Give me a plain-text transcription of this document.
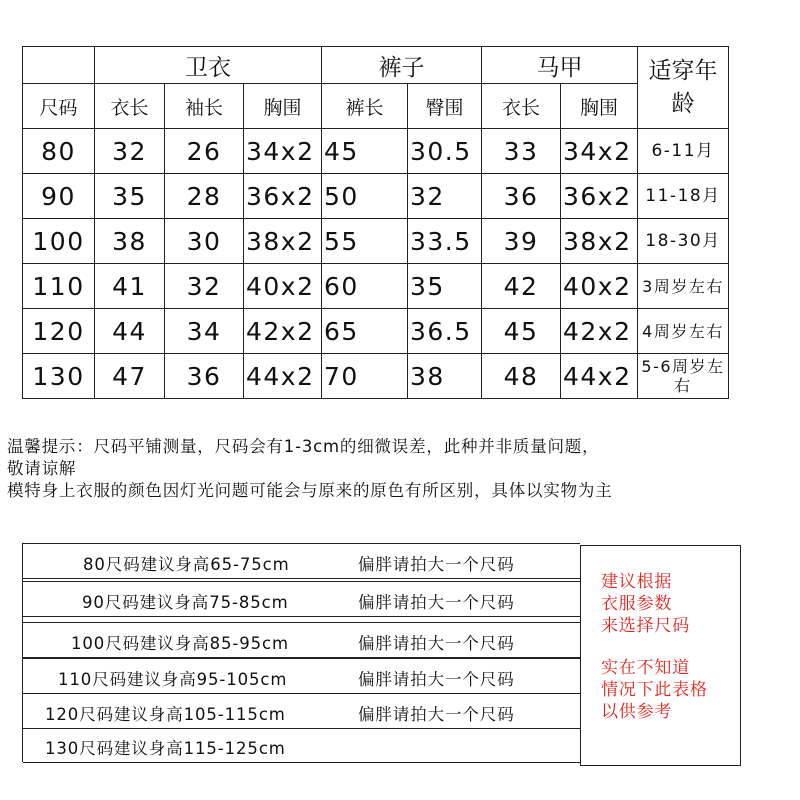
	卫衣			裤子		马甲		适穿年龄
尺码	衣长	袖长	胸围	裤长	臀围	衣长	胸围	
80	32	26	34x2	45	30.5	33	34x2	6-11月
90	35	28	36x2	50	32	36	36x2	11-18月
100	38	30	38x2	55	33.5	39	38x2	18-30月
110	41	32	40x2	60	35	42	40x2	3周岁左右
120	44	34	42x2	65	36.5	45	42x2	4周岁左右
130	47	36	44x2	70	38	48	44x2	5-6周岁左右
温馨提示：尺码平铺测量，尺码会有1-3cm的细微误差，此种并非质量问题，
敬请谅解
模特身上衣服的颜色因灯光问题可能会与原来的原色有所区别，具体以实物为主
80尺码建议身高65-75cm	偏胖请拍大一个尺码
90尺码建议身高75-85cm	偏胖请拍大一个尺码
100尺码建议身高85-95cm	偏胖请拍大一个尺码
110尺码建议身高95-105cm	偏胖请拍大一个尺码
120尺码建议身高105-115cm	偏胖请拍大一个尺码
130尺码建议身高115-125cm
建议根据
衣服参数
来选择尺码
实在不知道
情况下此表格
以供参考
